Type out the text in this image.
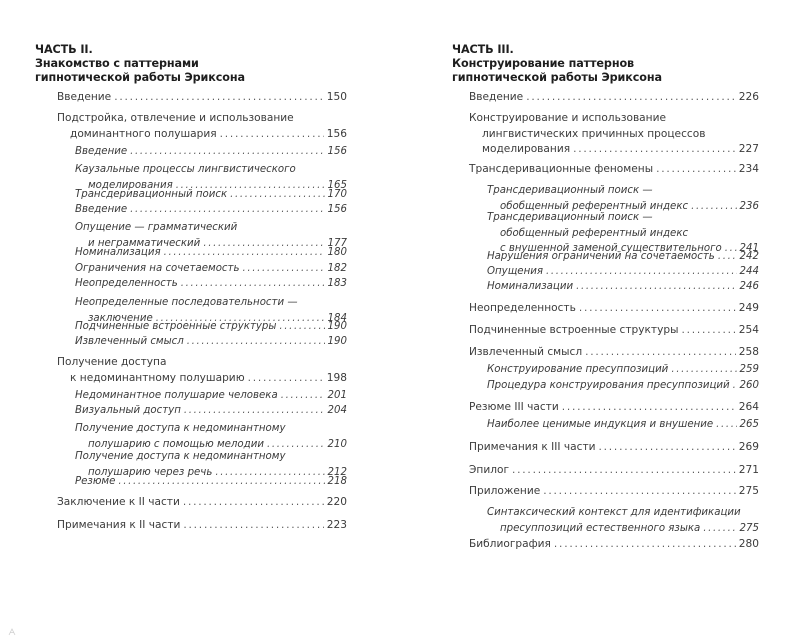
ЧАСТЬ II.
Знакомство с паттернами
гипнотической работы Эриксона
Введение . . .	150
Подстройка, отвлечение и использование
доминантного полушария . . .	156
Введение . . .	156
Каузальные процессы лингвистического
моделирования . . .	165
Трансдеривационный поиск . . .	170
Введение . . .	156
Опущение — грамматический
и неграмматический . . .	177
Номинализация . . .	180
Ограничения на сочетаемость . . .	182
Неопределенность . . .	183
Неопределенные последовательности —
заключение . . .	184
Подчиненные встроенные структуры . . .	190
Извлеченный смысл . . .	190
Получение доступа
к недоминантному полушарию . . .	198
Недоминантное полушарие человека . . .	201
Визуальный доступ . . .	204
Получение доступа к недоминантному
полушарию с помощью мелодии . . .	210
Получение доступа к недоминантному
полушарию через речь . . .	212
Резюме . . .	218
Заключение к II части . . .	220
Примечания к II части . . .	223
ЧАСТЬ III.
Конструирование паттернов
гипнотической работы Эриксона
Введение . . .	226
Конструирование и использование
лингвистических причинных процессов
моделирования . . .	227
Трансдеривационные феномены . . .	234
Трансдеривационный поиск —
обобщенный референтный индекс . . .	236
Трансдеривационный поиск —
обобщенный референтный индекс
с внушенной заменой существительного . . . 241
Нарушения ограничений на сочетаемость . . . 242
Опущения . . .	244
Номинализации . . .	246
Неопределенность . . .	249
Подчиненные встроенные структуры . . .	254
Извлеченный смысл . . .	258
Конструирование пресуппозиций . . .	259
Процедура конструирования пресуппозиций . . . 260
Резюме III части . . .	264
Наиболее ценимые индукция и внушение . . .	265
Примечания к III части . . .	269
Эпилог . . .	271
Приложение . . .	275
Синтаксический контекст для идентификации
пресуппозиций естественного языка . . .	275
Библиография . . .	280
